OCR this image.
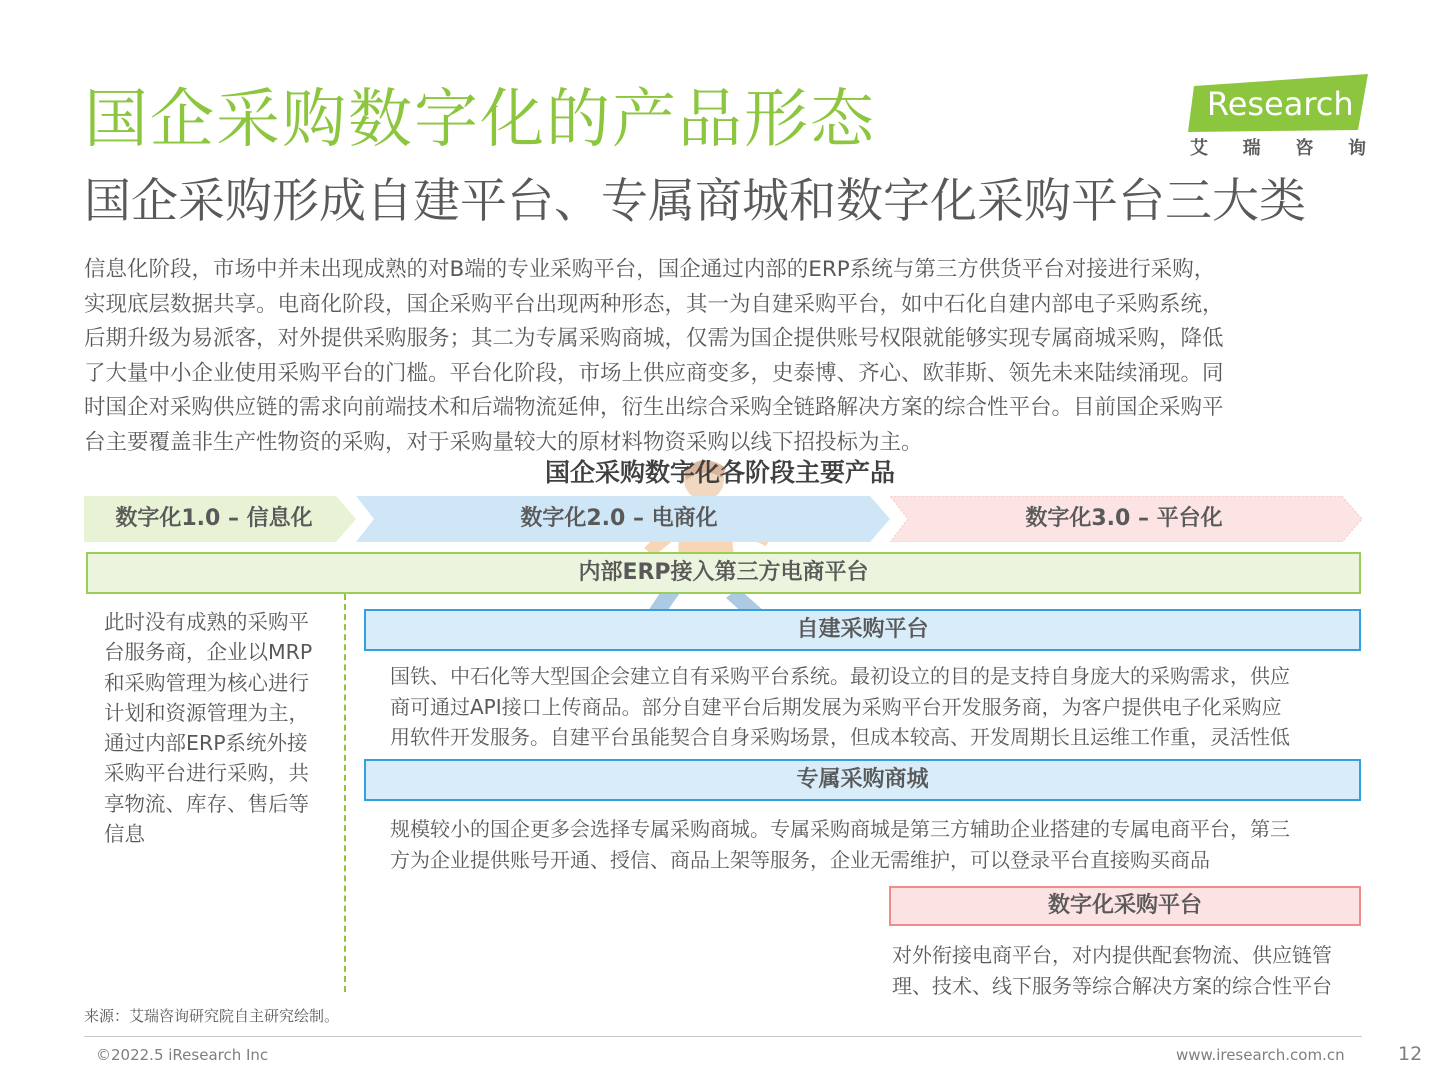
国企采购数字化的产品形态
国企采购形成自建平台、专属商城和数字化采购平台三大类
iResearch
艾 瑞 咨 询

信息化阶段，市场中并未出现成熟的对B端的专业采购平台，国企通过内部的ERP系统与第三方供货平台对接进行采购，
实现底层数据共享。电商化阶段，国企采购平台出现两种形态，其一为自建采购平台，如中石化自建内部电子采购系统，
后期升级为易派客，对外提供采购服务；其二为专属采购商城，仅需为国企提供账号权限就能够实现专属商城采购，降低
了大量中小企业使用采购平台的门槛。平台化阶段，市场上供应商变多，史泰博、齐心、欧菲斯、领先未来陆续涌现。同
时国企对采购供应链的需求向前端技术和后端物流延伸，衍生出综合采购全链路解决方案的综合性平台。目前国企采购平
台主要覆盖非生产性物资的采购，对于采购量较大的原材料物资采购以线下招投标为主。

国企采购数字化各阶段主要产品
数字化1.0 – 信息化	数字化2.0 – 电商化	数字化3.0 – 平台化
内部ERP接入第三方电商平台

此时没有成熟的采购平
台服务商，企业以MRP
和采购管理为核心进行
计划和资源管理为主，
通过内部ERP系统外接
采购平台进行采购，共
享物流、库存、售后等
信息

自建采购平台

国铁、中石化等大型国企会建立自有采购平台系统。最初设立的目的是支持自身庞大的采购需求，供应
商可通过API接口上传商品。部分自建平台后期发展为采购平台开发服务商，为客户提供电子化采购应
用软件开发服务。自建平台虽能契合自身采购场景，但成本较高、开发周期长且运维工作重，灵活性低

专属采购商城

规模较小的国企更多会选择专属采购商城。专属采购商城是第三方辅助企业搭建的专属电商平台，第三
方为企业提供账号开通、授信、商品上架等服务，企业无需维护，可以登录平台直接购买商品

数字化采购平台

对外衔接电商平台，对内提供配套物流、供应链管
理、技术、线下服务等综合解决方案的综合性平台

来源：艾瑞咨询研究院自主研究绘制。
©2022.5 iResearch Inc	www.iresearch.com.cn	12
